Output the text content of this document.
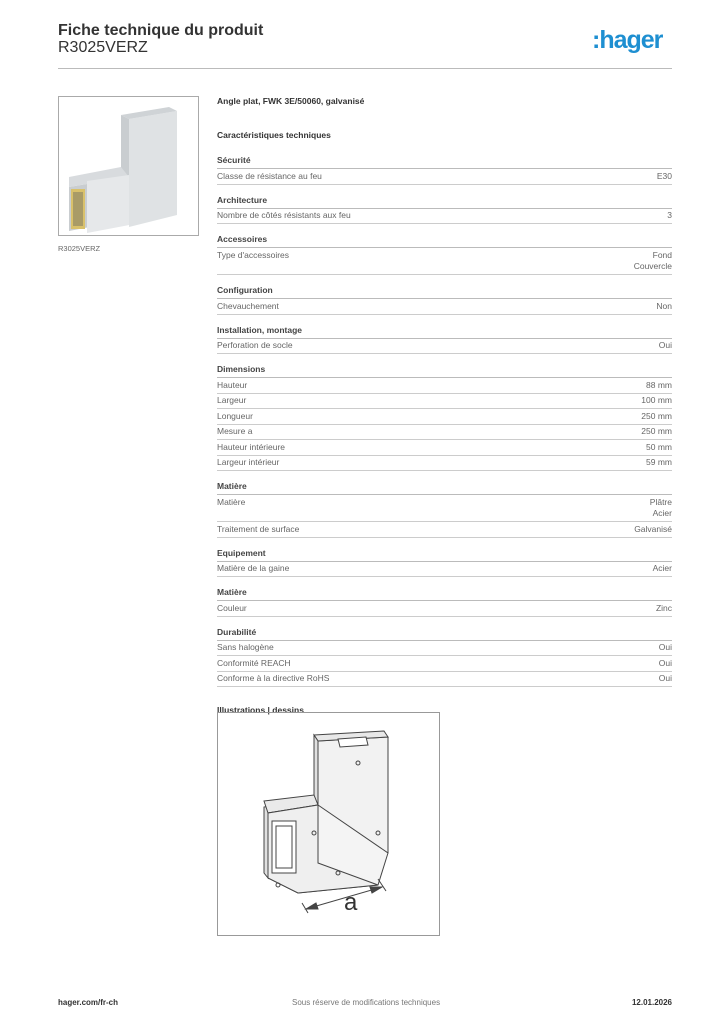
Fiche technique du produit
R3025VERZ	:hager
R3025VERZ
Angle plat, FWK 3E/50060, galvanisé
Caractéristiques techniques
Sécurité
Classe de résistance au feu	E30
Architecture
Nombre de côtés résistants aux feu	3
Accessoires
Type d'accessoires	Fond
Couvercle
Configuration
Chevauchement	Non
Installation, montage
Perforation de socle	Oui
Dimensions
Hauteur	88 mm
Largeur	100 mm
Longueur	250 mm
Mesure a	250 mm
Hauteur intérieure	50 mm
Largeur intérieur	59 mm
Matière
Matière	Plâtre
Acier
Traitement de surface	Galvanisé
Equipement
Matière de la gaine	Acier
Matière
Couleur	Zinc
Durabilité
Sans halogène	Oui
Conformité REACH	Oui
Conforme à la directive RoHS	Oui
Illustrations | dessins
a
hager.com/fr-ch	Sous réserve de modifications techniques	12.01.2026
